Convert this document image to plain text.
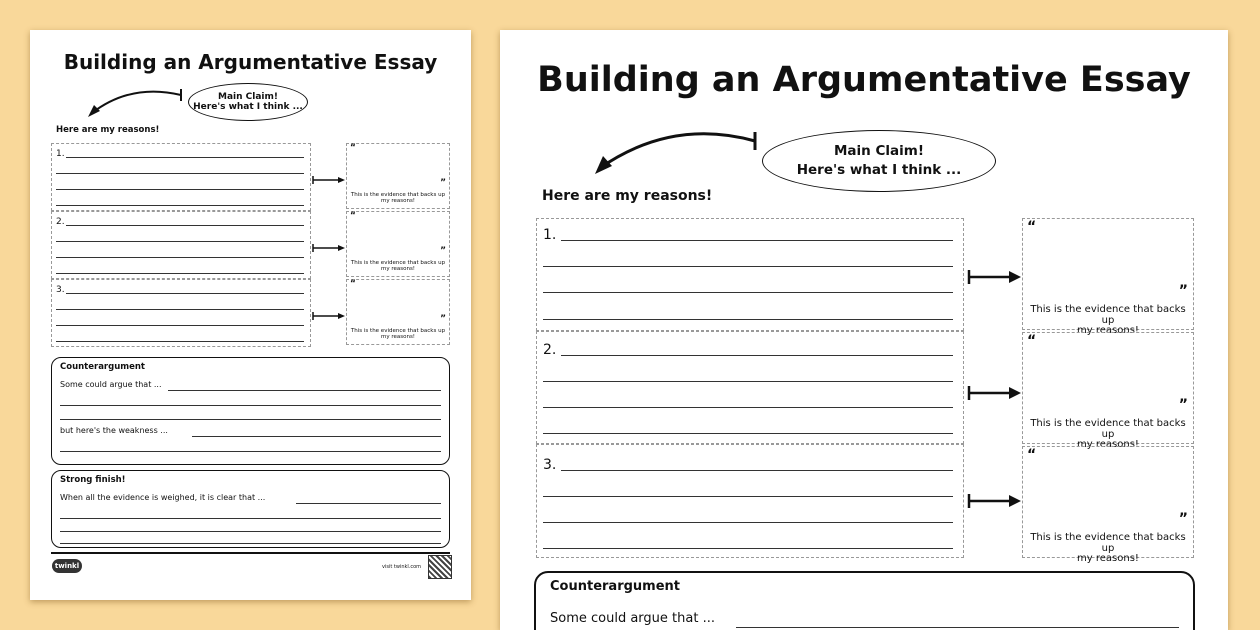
Building an Argumentative Essay
Main Claim!
Here's what I think ...
Here are my reasons!
1.
2.
3.
“
”
This is the evidence that backs up
my reasons!
“
”
This is the evidence that backs up
my reasons!
“
”
This is the evidence that backs up
my reasons!
Counterargument
Some could argue that ...
but here's the weakness ...
Strong finish!
When all the evidence is weighed, it is clear that ...
twinkl	visit twinkl.com
Building an Argumentative Essay
Main Claim!
Here's what I think ...
Here are my reasons!
1.
2.
3.
“
”
This is the evidence that backs up
my reasons!
“
”
This is the evidence that backs up
my reasons!
“
”
This is the evidence that backs up
my reasons!
Counterargument
Some could argue that ...
